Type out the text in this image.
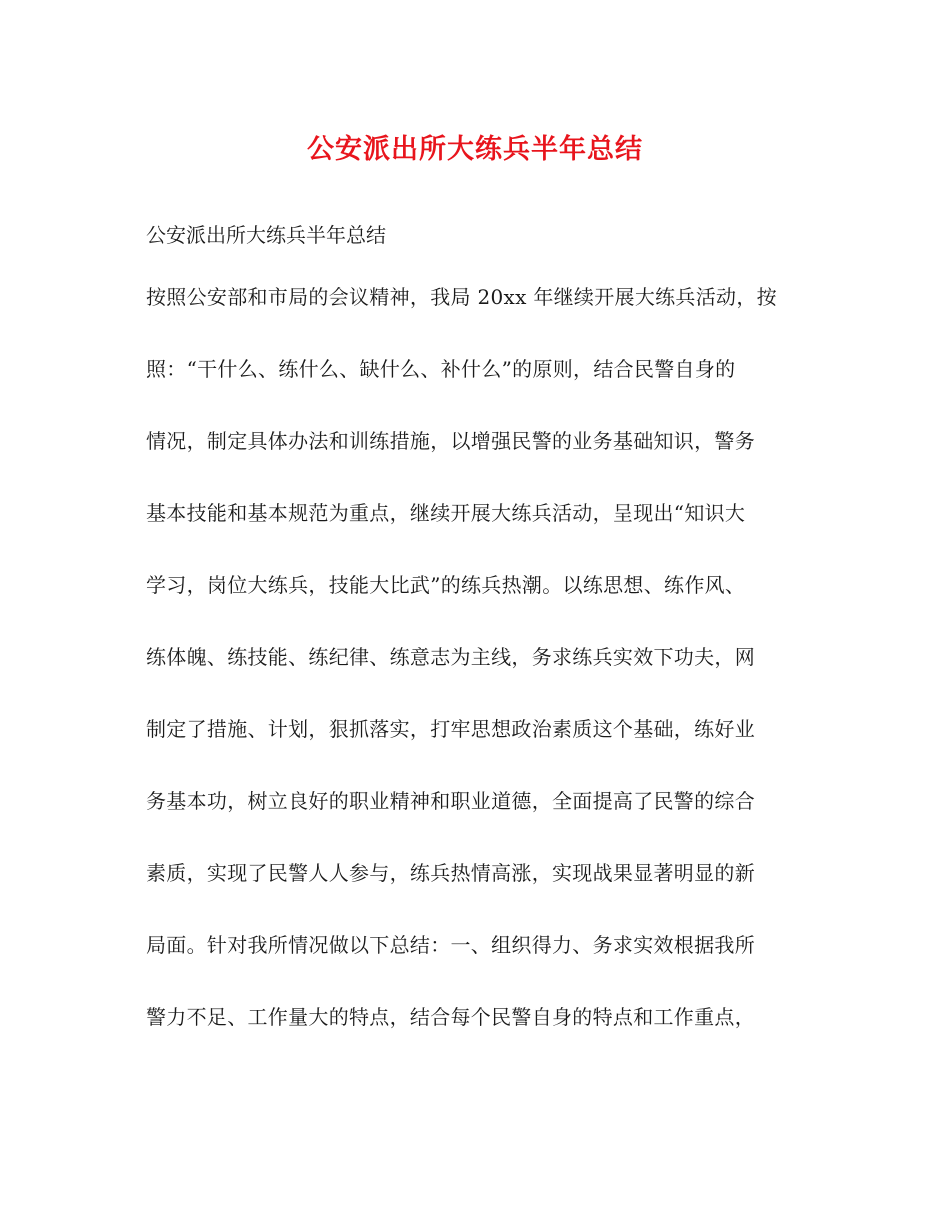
公安派出所大练兵半年总结

公安派出所大练兵半年总结

按照公安部和市局的会议精神，我局 20xx 年继续开展大练兵活动，按
照：“干什么、练什么、缺什么、补什么”的原则，结合民警自身的
情况，制定具体办法和训练措施，以增强民警的业务基础知识，警务
基本技能和基本规范为重点，继续开展大练兵活动，呈现出“知识大
学习，岗位大练兵，技能大比武”的练兵热潮。以练思想、练作风、
练体魄、练技能、练纪律、练意志为主线，务求练兵实效下功夫，网
制定了措施、计划，狠抓落实，打牢思想政治素质这个基础，练好业
务基本功，树立良好的职业精神和职业道德，全面提高了民警的综合
素质，实现了民警人人参与，练兵热情高涨，实现战果显著明显的新
局面。针对我所情况做以下总结：一、组织得力、务求实效根据我所
警力不足、工作量大的特点，结合每个民警自身的特点和工作重点，
